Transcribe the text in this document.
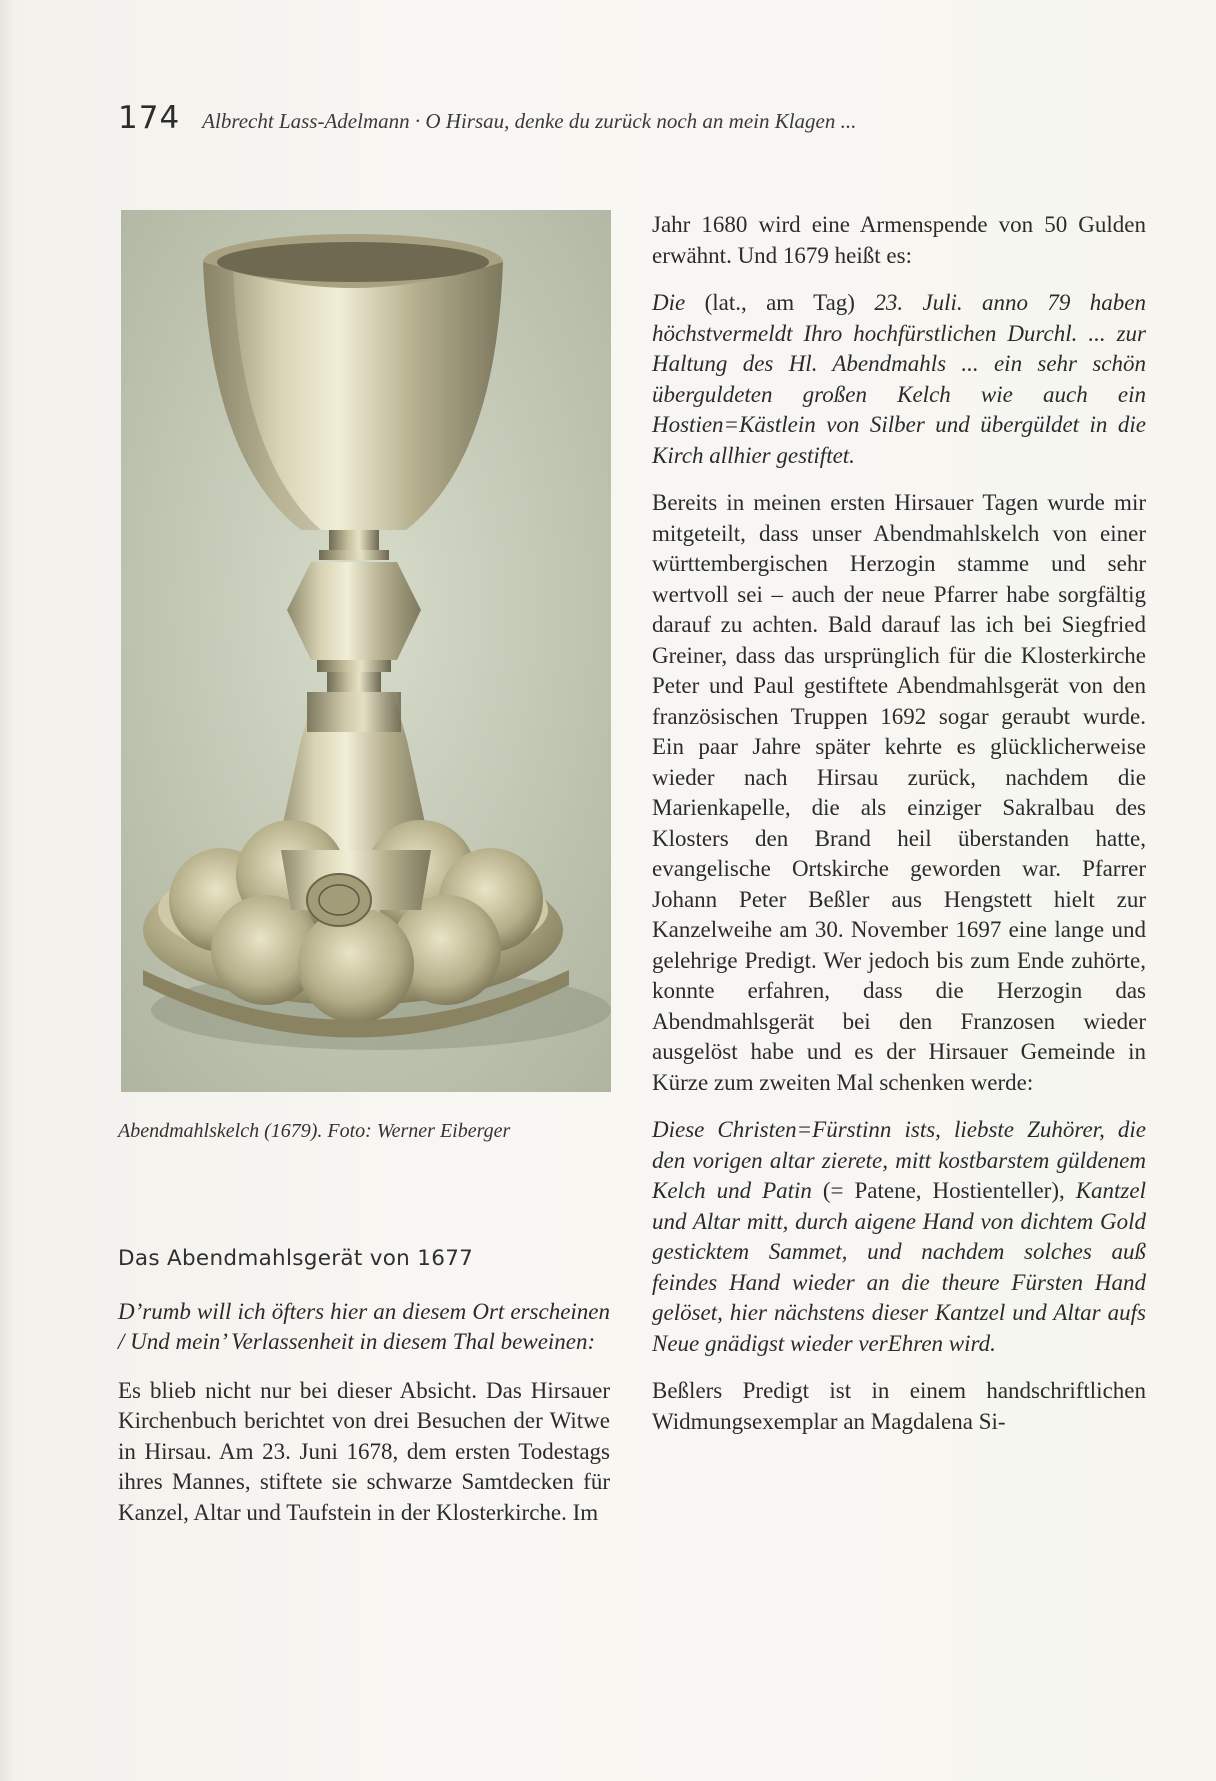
174 Albrecht Lass-Adelmann · O Hirsau, denke du zurück noch an mein Klagen ...
Abendmahlskelch (1679). Foto: Werner Eiberger
Das Abendmahlsgerät von 1677

D’rumb will ich öfters hier an diesem Ort erscheinen / Und mein’ Verlassenheit in diesem Thal beweinen:

Es blieb nicht nur bei dieser Absicht. Das Hirsauer Kirchenbuch berichtet von drei Besuchen der Witwe in Hirsau. Am 23. Juni 1678, dem ersten Todestags ihres Mannes, stiftete sie schwarze Samtdecken für Kanzel, Altar und Taufstein in der Klosterkirche. Im

Jahr 1680 wird eine Armenspende von 50 Gulden erwähnt. Und 1679 heißt es:

Die (lat., am Tag) 23. Juli. anno 79 haben höchstvermeldt Ihro hochfürstlichen Durchl. ... zur Haltung des Hl. Abendmahls ... ein sehr schön überguldeten großen Kelch wie auch ein Hostien=Kästlein von Silber und übergüldet in die Kirch allhier gestiftet.

Bereits in meinen ersten Hirsauer Tagen wurde mir mitgeteilt, dass unser Abendmahlskelch von einer württembergischen Herzogin stamme und sehr wertvoll sei – auch der neue Pfarrer habe sorgfältig darauf zu achten. Bald darauf las ich bei Siegfried Greiner, dass das ursprünglich für die Klosterkirche Peter und Paul gestiftete Abendmahlsgerät von den französischen Truppen 1692 sogar geraubt wurde. Ein paar Jahre später kehrte es glücklicherweise wieder nach Hirsau zurück, nachdem die Marienkapelle, die als einziger Sakralbau des Klosters den Brand heil überstanden hatte, evangelische Ortskirche geworden war. Pfarrer Johann Peter Beßler aus Hengstett hielt zur Kanzelweihe am 30. November 1697 eine lange und gelehrige Predigt. Wer jedoch bis zum Ende zuhörte, konnte erfahren, dass die Herzogin das Abendmahlsgerät bei den Franzosen wieder ausgelöst habe und es der Hirsauer Gemeinde in Kürze zum zweiten Mal schenken werde:

Diese Christen=Fürstinn ists, liebste Zuhörer, die den vorigen altar zierete, mitt kostbarstem güldenem Kelch und Patin (= Patene, Hostienteller), Kantzel und Altar mitt, durch aigene Hand von dichtem Gold gesticktem Sammet, und nachdem solches auß feindes Hand wieder an die theure Fürsten Hand gelöset, hier nächstens dieser Kantzel und Altar aufs Neue gnädigst wieder verEhren wird.

Beßlers Predigt ist in einem handschriftlichen Widmungsexemplar an Magdalena Si-
